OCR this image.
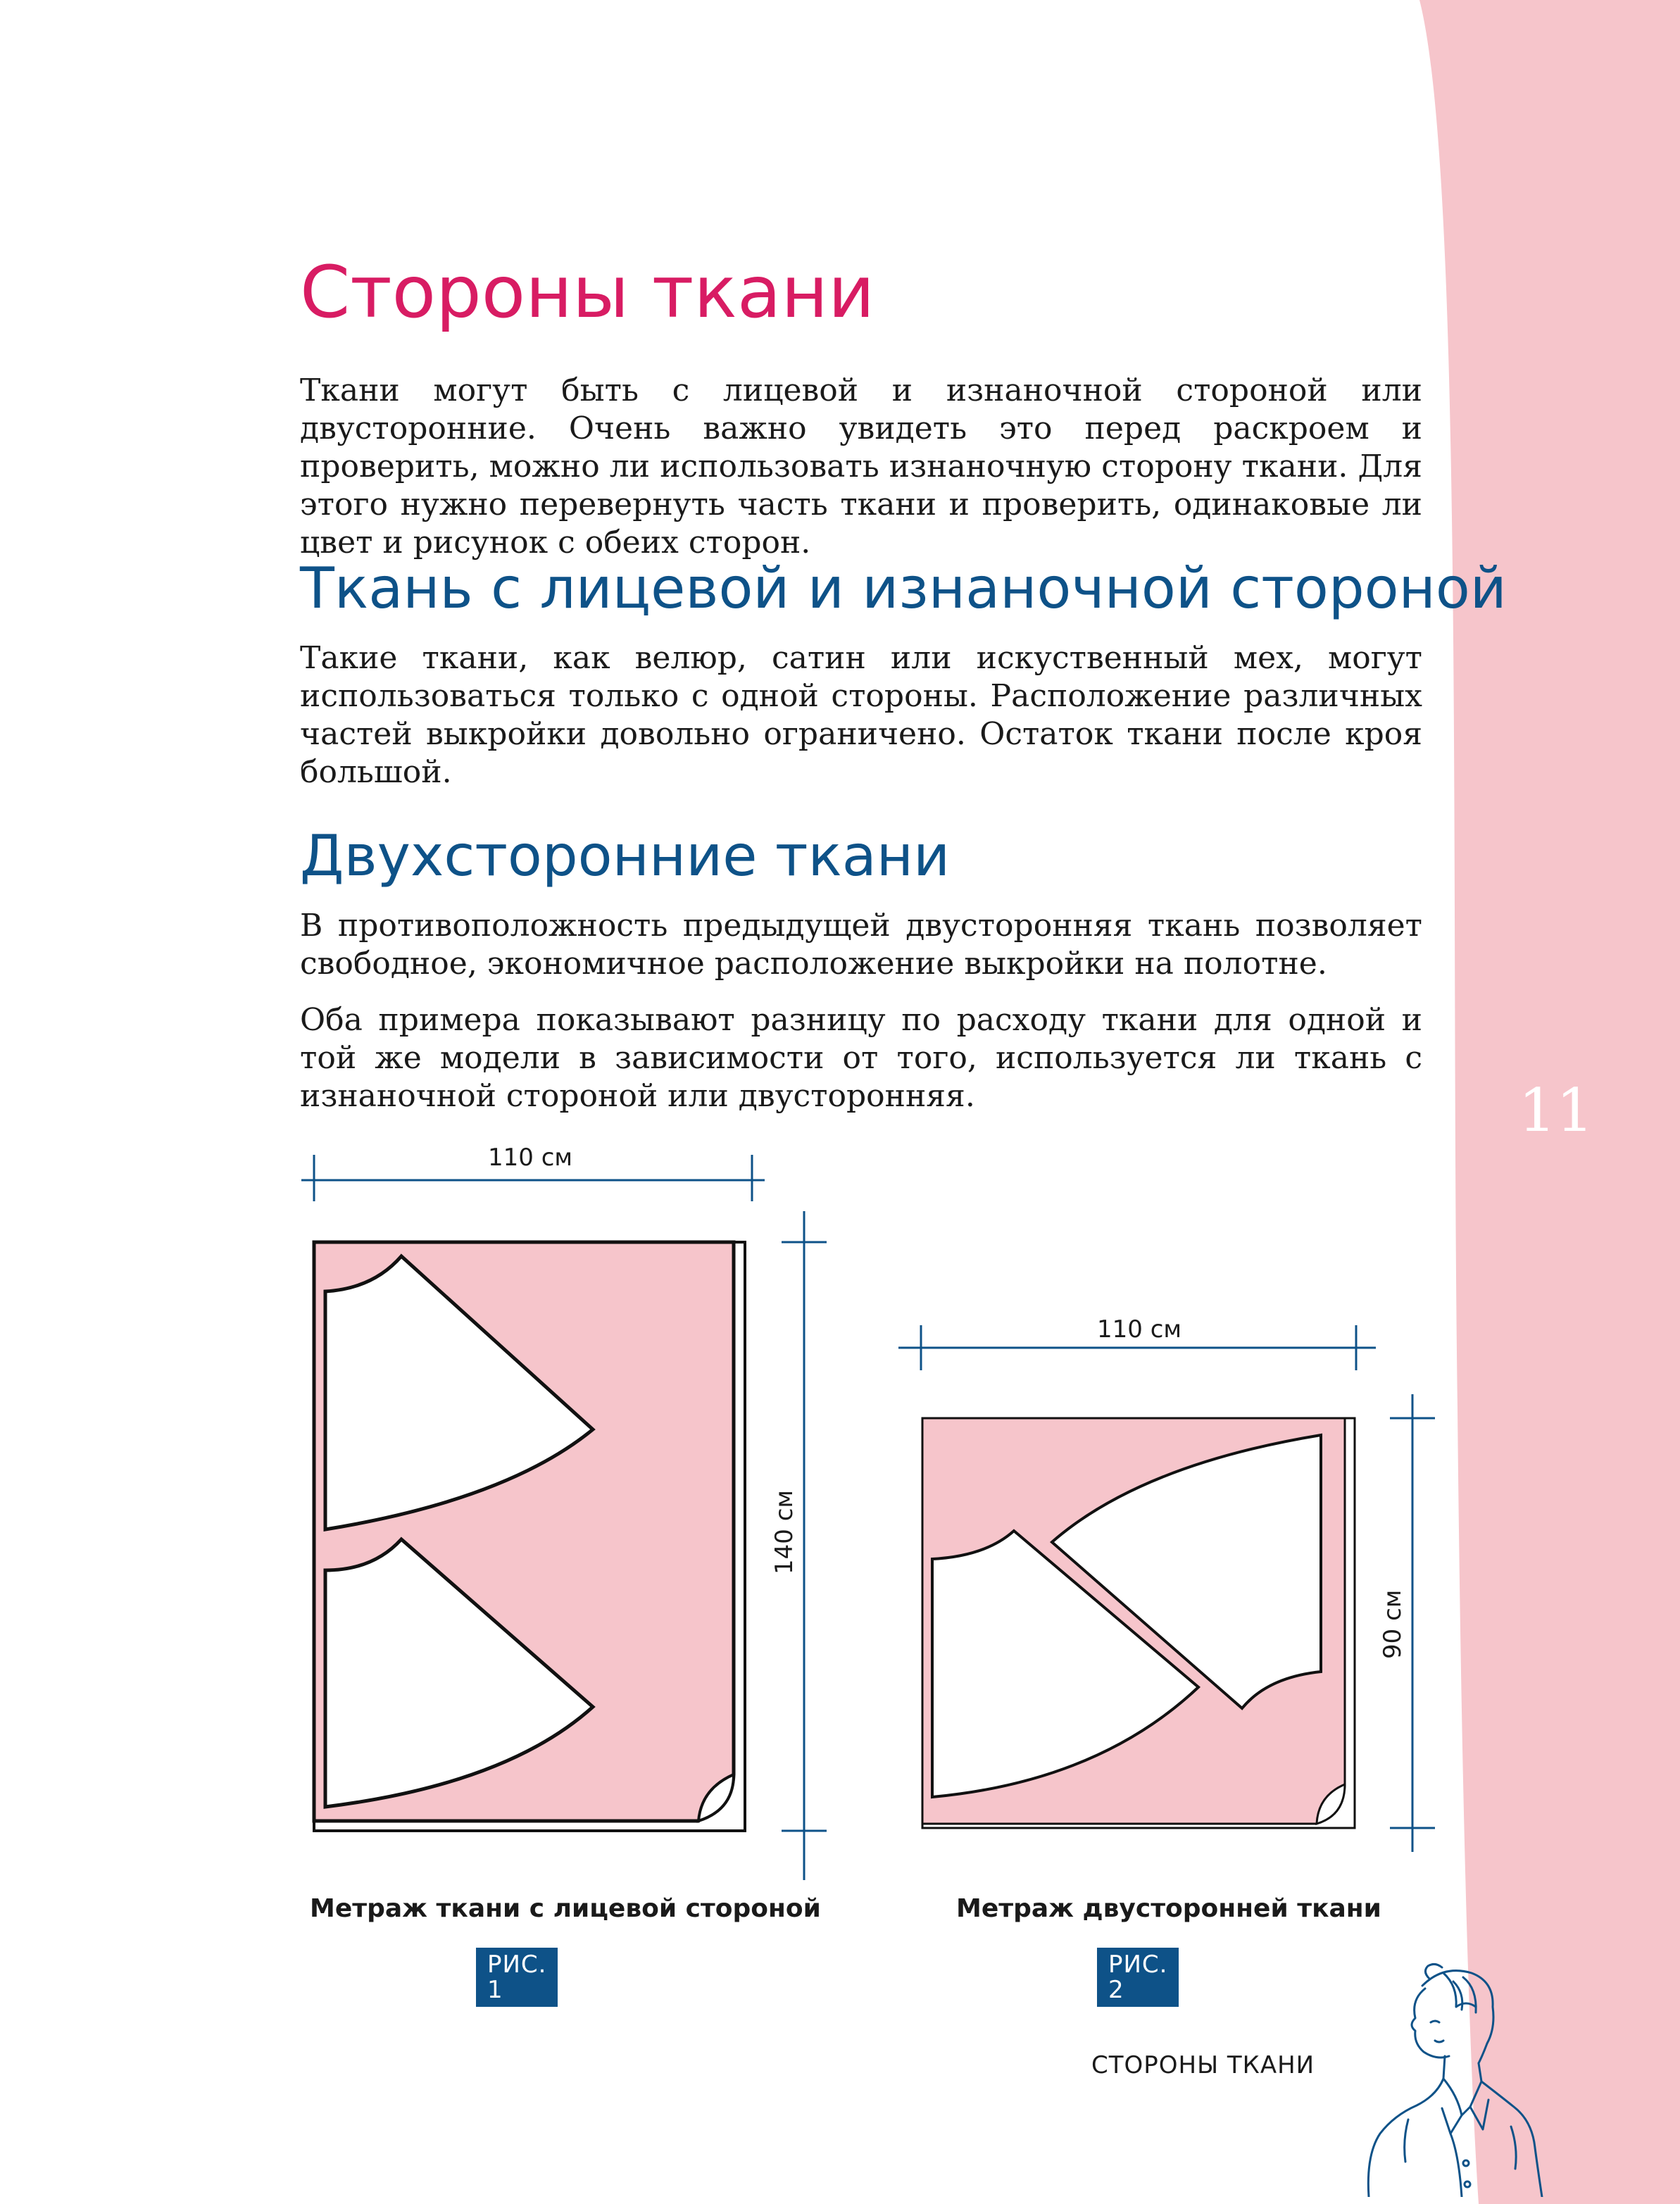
11
Стороны ткани

Ткани могут быть с лицевой и изнаночной стороной или двусторонние. Очень важно увидеть это перед раскроем и проверить, можно ли использовать изнаночную сторону ткани. Для этого нужно перевернуть часть ткани и проверить, одинаковые ли цвет и рисунок с обеих сторон.

Ткань с лицевой и изнаночной стороной

Такие ткани, как велюр, сатин или искуственный мех, могут использоваться только с одной стороны. Расположение различных частей выкройки довольно ограничено. Остаток ткани после кроя большой.

Двухсторонние ткани

В противоположность предыдущей двусторонняя ткань позволяет свободное, экономичное расположение выкройки на полотне.

Оба примера показывают разницу по расходу ткани для одной и той же модели в зависимости от того, используется ли ткань с изнаночной стороной или двусторонняя.

110 см
140 см
Метраж ткани с лицевой стороной
РИС. 1
110 см
90 см
Метраж двусторонней ткани
РИС. 2
СТОРОНЫ ТКАНИ
